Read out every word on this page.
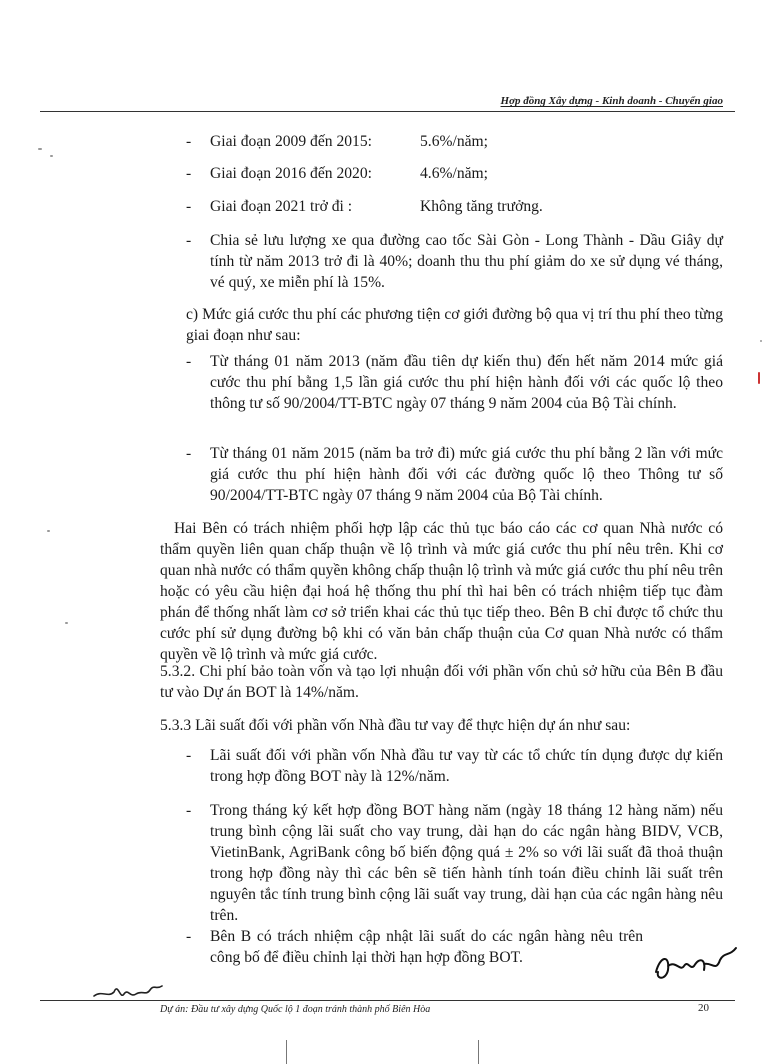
Hợp đồng Xây dựng - Kinh doanh - Chuyển giao
-	Giai đoạn 2009 đến 2015:	5.6%/năm;
-	Giai đoạn 2016 đến 2020:	4.6%/năm;
-	Giai đoạn 2021 trở đi :	Không tăng trưởng.
-	Chia sẻ lưu lượng xe qua đường cao tốc Sài Gòn - Long Thành - Dầu Giây dự tính từ năm 2013 trở đi là 40%; doanh thu thu phí giảm do xe sử dụng vé tháng, vé quý, xe miễn phí là 15%.
c) Mức giá cước thu phí các phương tiện cơ giới đường bộ qua vị trí thu phí theo từng giai đoạn như sau:
-	Từ tháng 01 năm 2013 (năm đầu tiên dự kiến thu) đến hết năm 2014 mức giá cước thu phí bằng 1,5 lần giá cước thu phí hiện hành đối với các quốc lộ theo thông tư số 90/2004/TT-BTC ngày 07 tháng 9 năm 2004 của Bộ Tài chính.
-	Từ tháng 01 năm 2015 (năm ba trở đi) mức giá cước thu phí bằng 2 lần với mức giá cước thu phí hiện hành đối với các đường quốc lộ theo Thông tư số 90/2004/TT-BTC ngày 07 tháng 9 năm 2004 của Bộ Tài chính.
Hai Bên có trách nhiệm phối hợp lập các thủ tục báo cáo các cơ quan Nhà nước có thẩm quyền liên quan chấp thuận về lộ trình và mức giá cước thu phí nêu trên. Khi cơ quan nhà nước có thẩm quyền không chấp thuận lộ trình và mức giá cước thu phí nêu trên hoặc có yêu cầu hiện đại hoá hệ thống thu phí thì hai bên có trách nhiệm tiếp tục đàm phán để thống nhất làm cơ sở triển khai các thủ tục tiếp theo. Bên B chỉ được tổ chức thu cước phí sử dụng đường bộ khi có văn bản chấp thuận của Cơ quan Nhà nước có thẩm quyền về lộ trình và mức giá cước.
5.3.2. Chi phí bảo toàn vốn và tạo lợi nhuận đối với phần vốn chủ sở hữu của Bên B đầu tư vào Dự án BOT là 14%/năm.
5.3.3 Lãi suất đối với phần vốn Nhà đầu tư vay để thực hiện dự án như sau:
-	Lãi suất đối với phần vốn Nhà đầu tư vay từ các tổ chức tín dụng được dự kiến trong hợp đồng BOT này là 12%/năm.
-	Trong tháng ký kết hợp đồng BOT hàng năm (ngày 18 tháng 12 hàng năm) nếu trung bình cộng lãi suất cho vay trung, dài hạn do các ngân hàng BIDV, VCB, VietinBank, AgriBank công bố biến động quá ± 2% so với lãi suất đã thoả thuận trong hợp đồng này thì các bên sẽ tiến hành tính toán điều chỉnh lãi suất trên nguyên tắc tính trung bình cộng lãi suất vay trung, dài hạn của các ngân hàng nêu trên.
-	Bên B có trách nhiệm cập nhật lãi suất do các ngân hàng nêu trên công bố để điều chỉnh lại thời hạn hợp đồng BOT.
Dự án: Đầu tư xây dựng Quốc lộ 1 đoạn tránh thành phố Biên Hòa	20
